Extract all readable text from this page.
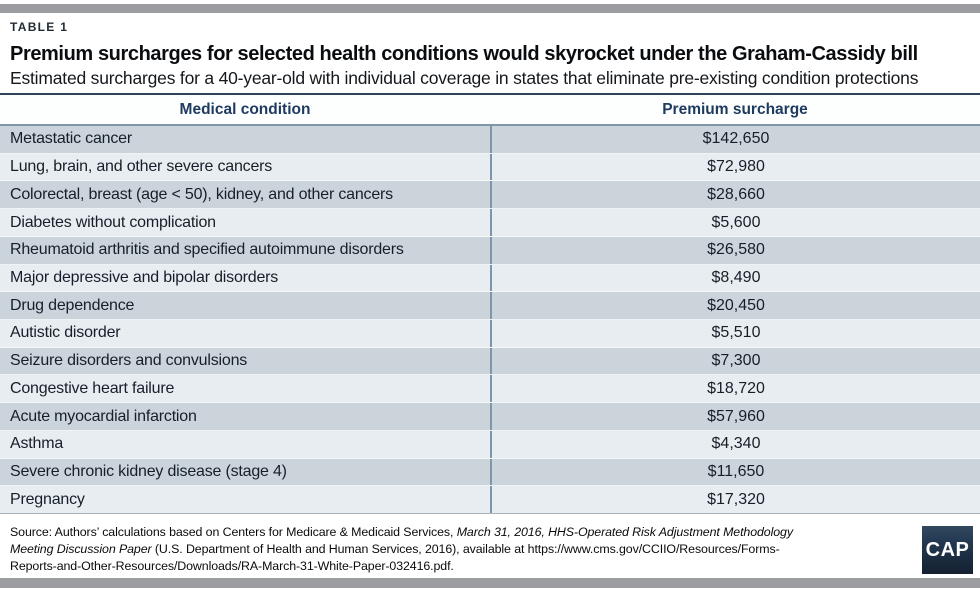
TABLE 1
Premium surcharges for selected health conditions would skyrocket under the Graham-Cassidy bill
Estimated surcharges for a 40-year-old with individual coverage in states that eliminate pre-existing condition protections
Medical condition	Premium surcharge
Metastatic cancer	$142,650
Lung, brain, and other severe cancers	$72,980
Colorectal, breast (age < 50), kidney, and other cancers	$28,660
Diabetes without complication	$5,600
Rheumatoid arthritis and specified autoimmune disorders	$26,580
Major depressive and bipolar disorders	$8,490
Drug dependence	$20,450
Autistic disorder	$5,510
Seizure disorders and convulsions	$7,300
Congestive heart failure	$18,720
Acute myocardial infarction	$57,960
Asthma	$4,340
Severe chronic kidney disease (stage 4)	$11,650
Pregnancy	$17,320
Source: Authors’ calculations based on Centers for Medicare & Medicaid Services, March 31, 2016, HHS-Operated Risk Adjustment Methodology
Meeting Discussion Paper (U.S. Department of Health and Human Services, 2016), available at https://www.cms.gov/CCIIO/Resources/Forms-
Reports-and-Other-Resources/Downloads/RA-March-31-White-Paper-032416.pdf.
CAP
